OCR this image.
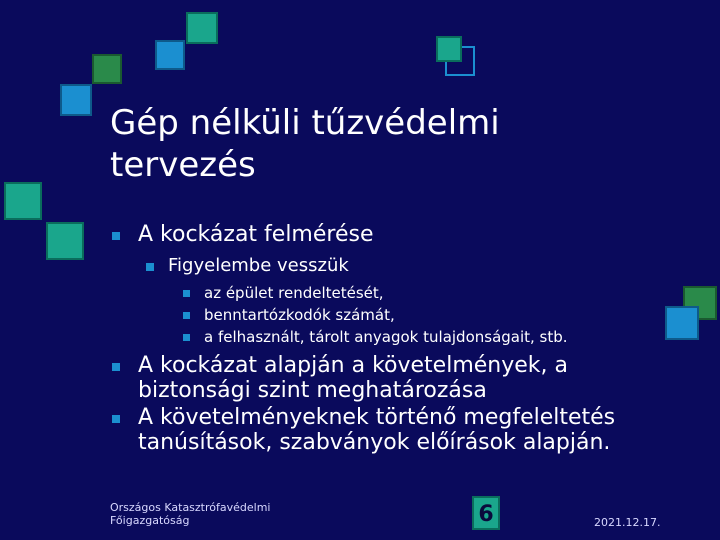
Gép nélküli tűzvédelmi tervezés
A kockázat felmérése
Figyelembe vesszük
az épület rendeltetését,
benntartózkodók számát,
a felhasznált, tárolt anyagok tulajdonságait, stb.
A kockázat alapján a követelmények, a biztonsági szint meghatározása
A követelményeknek történő megfeleltetés tanúsítások, szabványok előírások alapján.
Országos Katasztrófavédelmi
Főigazgatóság	6	2021.12.17.
